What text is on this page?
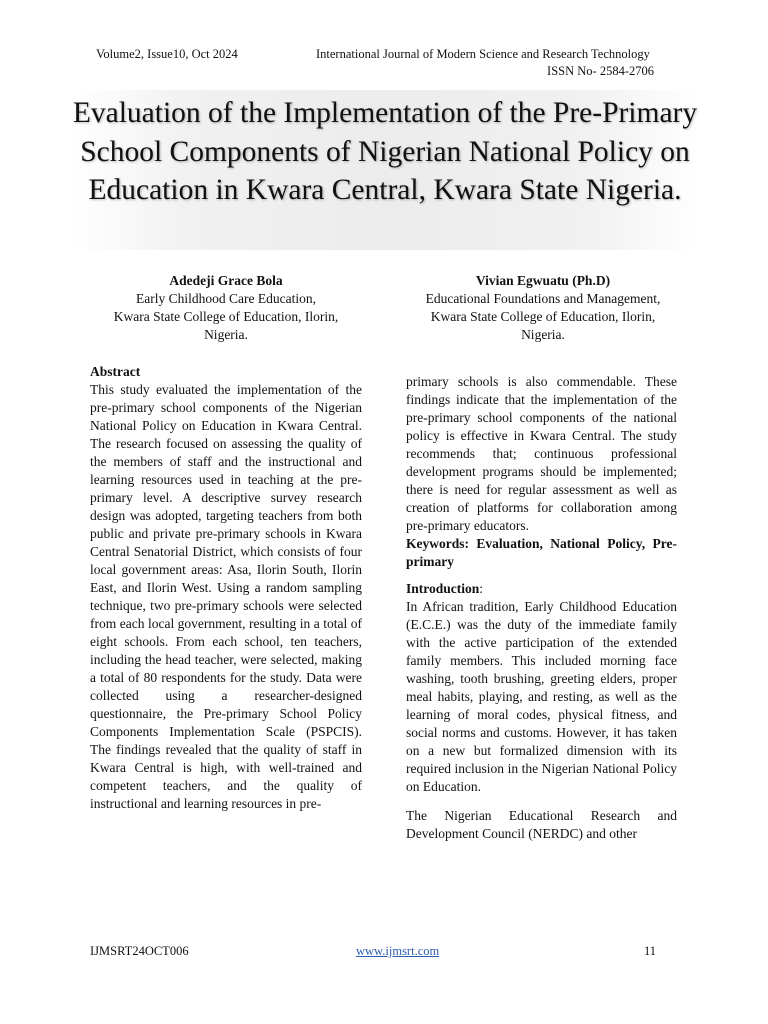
Volume2, Issue10, Oct 2024	International Journal of Modern Science and Research Technology
ISSN No- 2584-2706
Evaluation of the Implementation of the Pre-Primary School Components of Nigerian National Policy on Education in Kwara Central, Kwara State Nigeria.
Adedeji Grace Bola
Early Childhood Care Education,
Kwara State College of Education, Ilorin,
Nigeria.
Vivian Egwuatu (Ph.D)
Educational Foundations and Management,
Kwara State College of Education, Ilorin,
Nigeria.

Abstract

This study evaluated the implementation of the pre-primary school components of the Nigerian National Policy on Education in Kwara Central. The research focused on assessing the quality of the members of staff and the instructional and learning resources used in teaching at the pre-primary level. A descriptive survey research design was adopted, targeting teachers from both public and private pre-primary schools in Kwara Central Senatorial District, which consists of four local government areas: Asa, Ilorin South, Ilorin East, and Ilorin West. Using a random sampling technique, two pre-primary schools were selected from each local government, resulting in a total of eight schools. From each school, ten teachers, including the head teacher, were selected, making a total of 80 respondents for the study. Data were collected using a researcher-designed questionnaire, the Pre-primary School Policy Components Implementation Scale (PSPCIS). The findings revealed that the quality of staff in Kwara Central is high, with well-trained and competent teachers, and the quality of instructional and learning resources in pre-

primary schools is also commendable. These findings indicate that the implementation of the pre-primary school components of the national policy is effective in Kwara Central. The study recommends that; continuous professional development programs should be implemented; there is need for regular assessment as well as creation of platforms for collaboration among pre-primary educators.

Keywords: Evaluation, National Policy, Pre-primary

Introduction:

In African tradition, Early Childhood Education (E.C.E.) was the duty of the immediate family with the active participation of the extended family members. This included morning face washing, tooth brushing, greeting elders, proper meal habits, playing, and resting, as well as the learning of moral codes, physical fitness, and social norms and customs. However, it has taken on a new but formalized dimension with its required inclusion in the Nigerian National Policy on Education.

The Nigerian Educational Research and Development Council (NERDC) and other

IJMSRT24OCT006	www.ijmsrt.com	11
